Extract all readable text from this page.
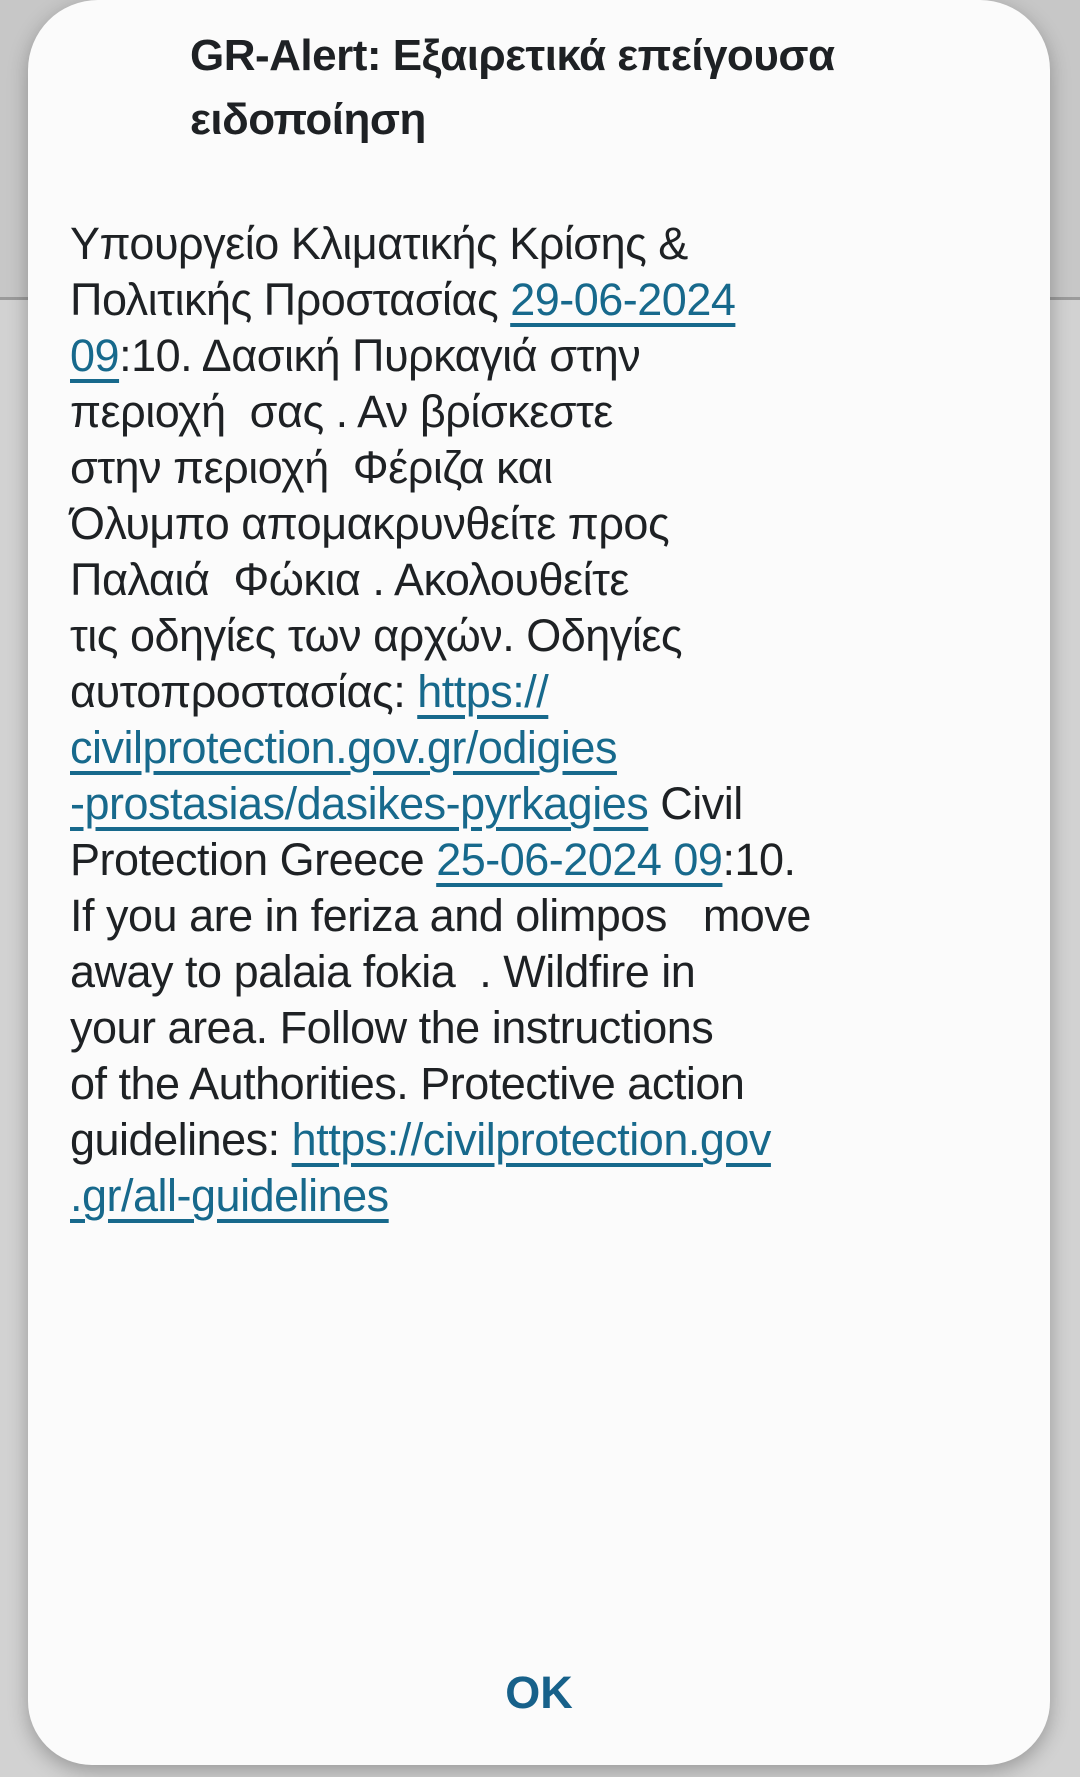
GR-Alert: Εξαιρετικά επείγουσα
ειδοποίηση
Υπουργείο Κλιματικής Κρίσης &
Πολιτικής Προστασίας 29-06-2024
09:10. Δασική Πυρκαγιά στην
περιοχή  σας . Αν βρίσκεστε
στην περιοχή  Φέριζα και
Όλυμπο απομακρυνθείτε προς
Παλαιά  Φώκια . Ακολουθείτε
τις οδηγίες των αρχών. Οδηγίες
αυτοπροστασίας: https://
civilprotection.gov.gr/odigies
-prostasias/dasikes-pyrkagies Civil
Protection Greece 25-06-2024 09:10.
If you are in feriza and olimpos   move
away to palaia fokia  . Wildfire in
your area. Follow the instructions
of the Authorities. Protective action
guidelines: https://civilprotection.gov
.gr/all-guidelines
OK
